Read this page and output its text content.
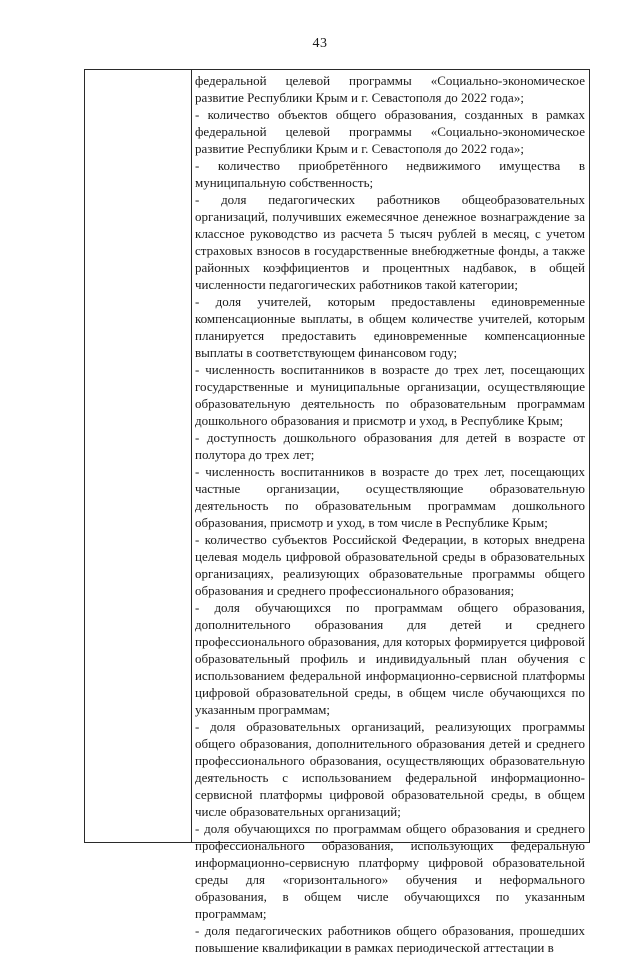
43

федеральной целевой программы «Социально-экономическое развитие Республики Крым и г. Севастополя до 2022 года»;

- количество объектов общего образования, созданных в рамках федеральной целевой программы «Социально-экономическое развитие Республики Крым и г. Севастополя до 2022 года»;

- количество приобретённого недвижимого имущества в муниципальную собственность;

- доля педагогических работников общеобразовательных организаций, получивших ежемесячное денежное вознаграждение за классное руководство из расчета 5 тысяч рублей в месяц, с учетом страховых взносов в государственные внебюджетные фонды, а также районных коэффициентов и процентных надбавок, в общей численности педагогических работников такой категории;

- доля учителей, которым предоставлены единовременные компенсационные выплаты, в общем количестве учителей, которым планируется предоставить единовременные компенсационные выплаты в соответствующем финансовом году;

- численность воспитанников в возрасте до трех лет, посещающих государственные и муниципальные организации, осуществляющие образовательную деятельность по образовательным программам дошкольного образования и присмотр и уход, в Республике Крым;

- доступность дошкольного образования для детей в возрасте от полутора до трех лет;

- численность воспитанников в возрасте до трех лет, посещающих частные организации, осуществляющие образовательную деятельность по образовательным программам дошкольного образования, присмотр и уход, в том числе в Республике Крым;

- количество субъектов Российской Федерации, в которых внедрена целевая модель цифровой образовательной среды в образовательных организациях, реализующих образовательные программы общего образования и среднего профессионального образования;

- доля обучающихся по программам общего образования, дополнительного образования для детей и среднего профессионального образования, для которых формируется цифровой образовательный профиль и индивидуальный план обучения с использованием федеральной информационно-сервисной платформы цифровой образовательной среды, в общем числе обучающихся по указанным программам;

- доля образовательных организаций, реализующих программы общего образования, дополнительного образования детей и среднего профессионального образования, осуществляющих образовательную деятельность с использованием федеральной информационно-сервисной платформы цифровой образовательной среды, в общем числе образовательных организаций;

- доля обучающихся по программам общего образования и среднего профессионального образования, использующих федеральную информационно-сервисную платформу цифровой образовательной среды для «горизонтального» обучения и неформального образования, в общем числе обучающихся по указанным программам;

- доля педагогических работников общего образования, прошедших повышение квалификации в рамках периодической аттестации в
